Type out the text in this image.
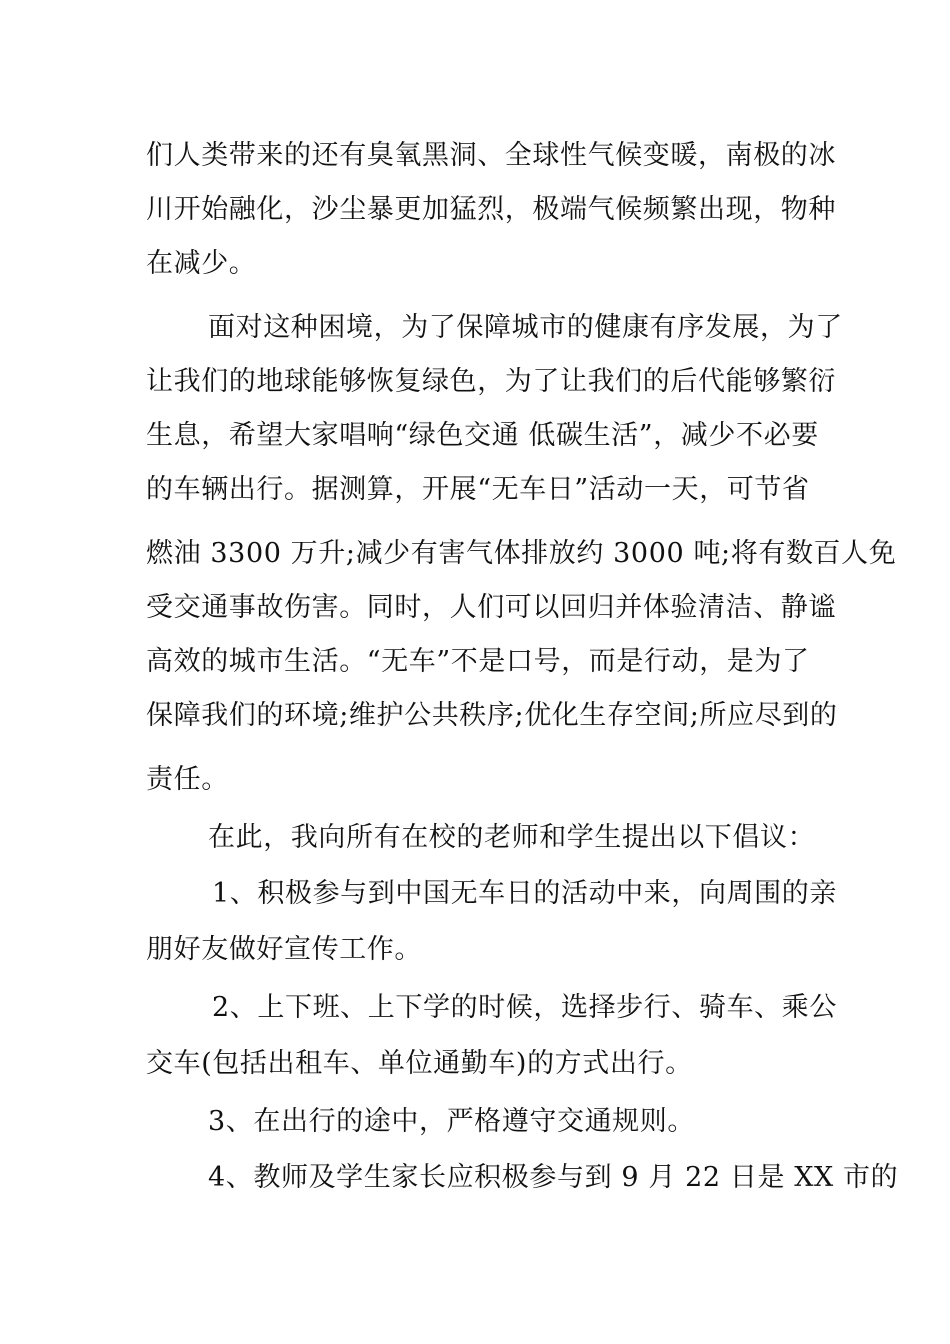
们人类带来的还有臭氧黑洞、全球性气候变暖，南极的冰
川开始融化，沙尘暴更加猛烈，极端气候频繁出现，物种
在减少。
面对这种困境，为了保障城市的健康有序发展，为了
让我们的地球能够恢复绿色，为了让我们的后代能够繁衍
生息，希望大家唱响“绿色交通 低碳生活”，减少不必要
的车辆出行。据测算，开展“无车日”活动一天，可节省
燃油 3300 万升;减少有害气体排放约 3000 吨;将有数百人免
受交通事故伤害。同时，人们可以回归并体验清洁、静谧
高效的城市生活。“无车”不是口号，而是行动，是为了
保障我们的环境;维护公共秩序;优化生存空间;所应尽到的
责任。
在此，我向所有在校的老师和学生提出以下倡议：
1、积极参与到中国无车日的活动中来，向周围的亲
朋好友做好宣传工作。
2、上下班、上下学的时候，选择步行、骑车、乘公
交车(包括出租车、单位通勤车)的方式出行。
3、在出行的途中，严格遵守交通规则。
4、教师及学生家长应积极参与到 9 月 22 日是 XX 市的
